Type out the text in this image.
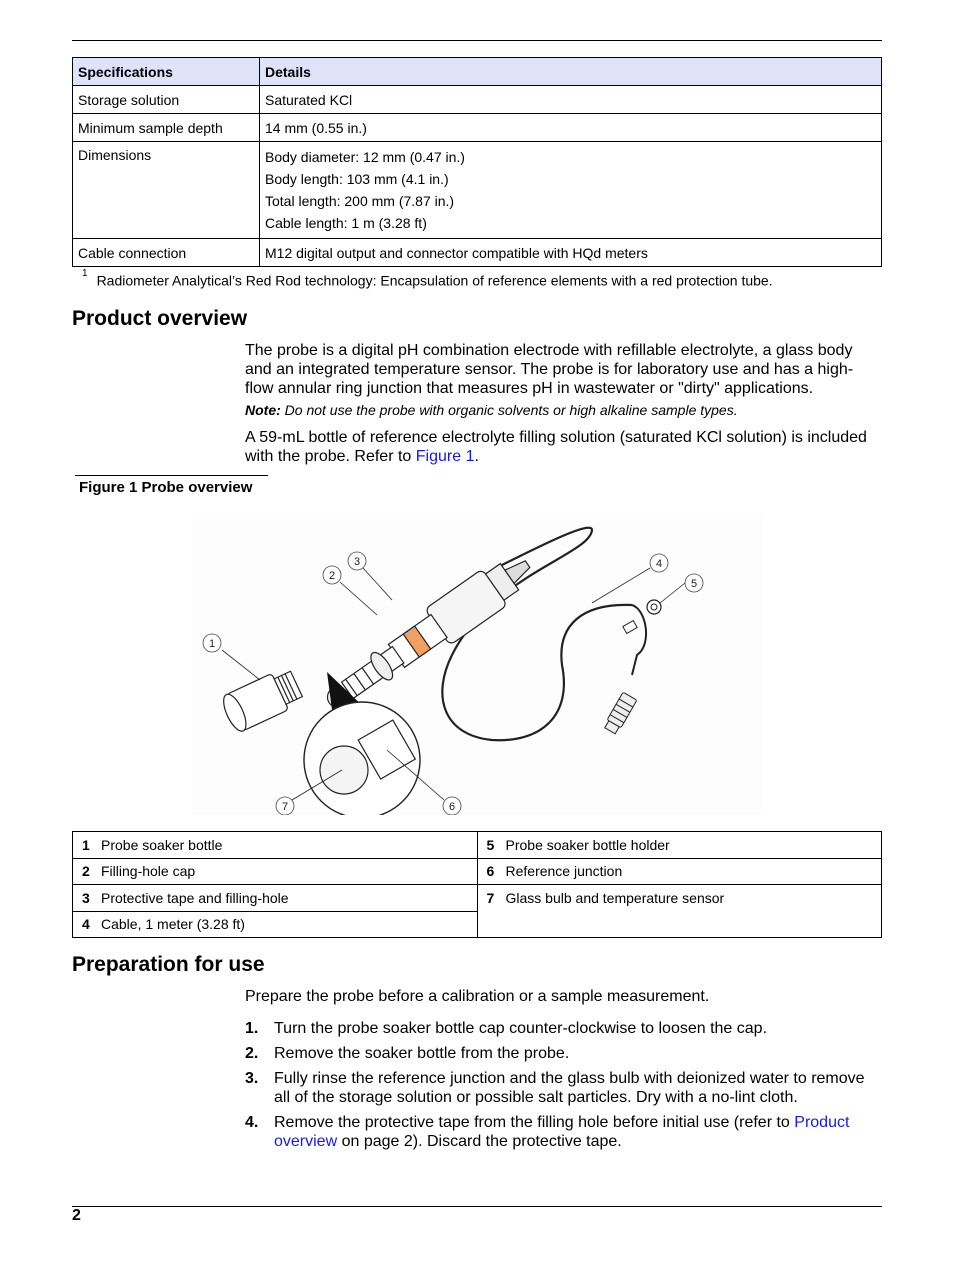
Specifications	Details
Storage solution	Saturated KCl
Minimum sample depth	14 mm (0.55 in.)
Dimensions	Body diameter: 12 mm (0.47 in.)
Body length: 103 mm (4.1 in.)
Total length: 200 mm (7.87 in.)
Cable length: 1 m (3.28 ft)

Cable connection	M12 digital output and connector compatible with HQd meters
$^1$ Radiometer Analytical’s Red Rod technology: Encapsulation of reference elements with a red protection tube.
Product overview

The probe is a digital pH combination electrode with refillable electrolyte, a glass body and an integrated temperature sensor. The probe is for laboratory use and has a high-flow annular ring junction that measures pH in wastewater or "dirty" applications.

Note: Do not use the probe with organic solvents or high alkaline sample types.

A 59-mL bottle of reference electrolyte filling solution (saturated KCl solution) is included with the probe. Refer to Figure 1.

Figure 1 Probe overview
1
2
3	4
5
6
7
1 Probe soaker bottle	5 Probe soaker bottle holder
2 Filling-hole cap	6 Reference junction
3 Protective tape and filling-hole	7 Glass bulb and temperature sensor
4 Cable, 1 meter (3.28 ft)	
Preparation for use

Prepare the probe before a calibration or a sample measurement.

1. Turn the probe soaker bottle cap counter-clockwise to loosen the cap.
2. Remove the soaker bottle from the probe.
3. Fully rinse the reference junction and the glass bulb with deionized water to remove all of the storage solution or possible salt particles. Dry with a no-lint cloth.
4. Remove the protective tape from the filling hole before initial use (refer to Product overview on page 2). Discard the protective tape.
2
